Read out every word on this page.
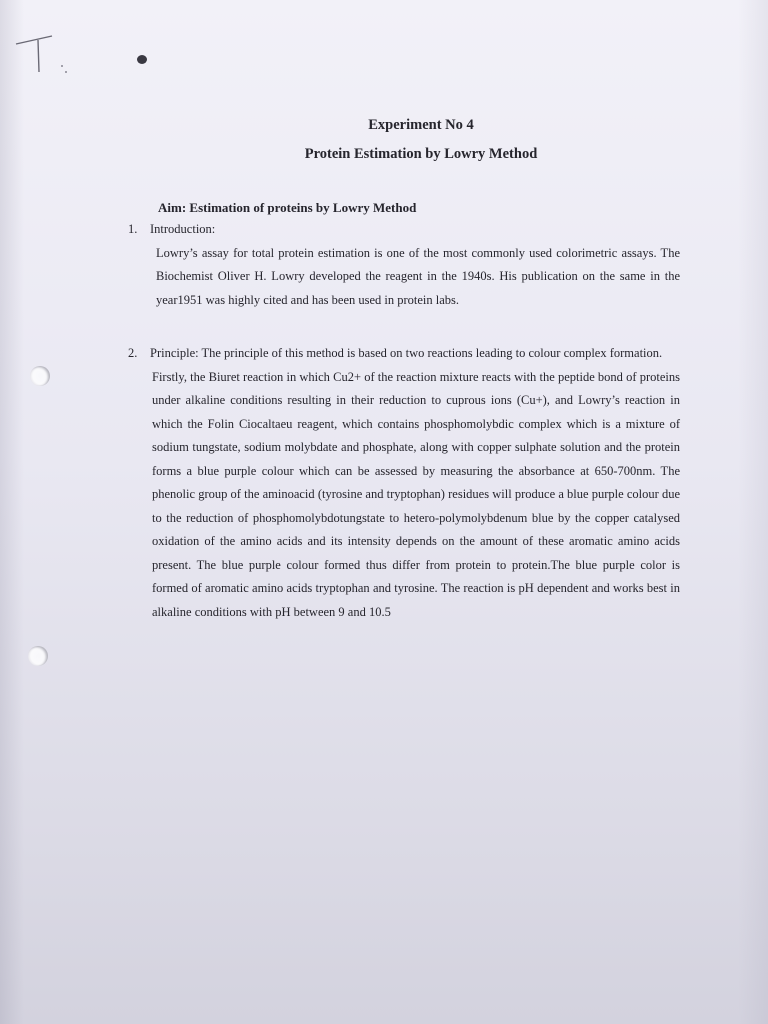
Experiment No 4
Protein Estimation by Lowry Method

Aim: Estimation of proteins by Lowry Method

1. Introduction:

Lowry’s assay for total protein estimation is one of the most commonly used colorimetric assays. The Biochemist Oliver H. Lowry developed the reagent in the 1940s. His publication on the same in the year1951 was highly cited and has been used in protein labs.

2. Principle: The principle of this method is based on two reactions leading to colour complex formation.

Firstly, the Biuret reaction in which Cu2+ of the reaction mixture reacts with the peptide bond of proteins under alkaline conditions resulting in their reduction to cuprous ions (Cu+), and Lowry’s reaction in which the Folin Ciocaltaeu reagent, which contains phosphomolybdic complex which is a mixture of sodium tungstate, sodium molybdate and phosphate, along with copper sulphate solution and the protein forms a blue purple colour which can be assessed by measuring the absorbance at 650-700nm. The phenolic group of the aminoacid (tyrosine and tryptophan) residues will produce a blue purple colour due to the reduction of phosphomolybdotungstate to hetero-polymolybdenum blue by the copper catalysed oxidation of the amino acids and its intensity depends on the amount of these aromatic amino acids present. The blue purple colour formed thus differ from protein to protein.The blue purple color is formed of aromatic amino acids tryptophan and tyrosine. The reaction is pH dependent and works best in alkaline conditions with pH between 9 and 10.5
